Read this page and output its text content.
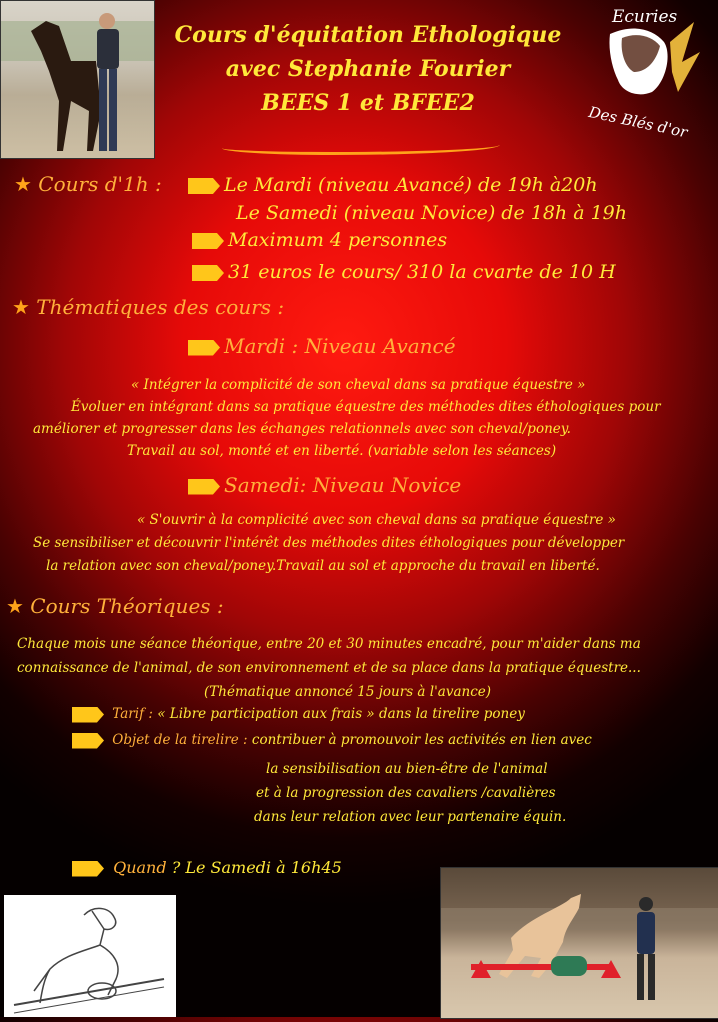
Ecuries
Des Blés d'or
Cours d'équitation Ethologique
avec Stephanie Fourier
BEES 1 et BFEE2
★ Cours d'1h :	Le Mardi (niveau Avancé) de 19h à20h
Le Samedi (niveau Novice) de 18h à 19h
Maximum 4 personnes
31 euros le cours/ 310 la cvarte de 10 H
★ Thématiques des cours :
Mardi : Niveau Avancé
« Intégrer la complicité de son cheval dans sa pratique équestre »
Évoluer en intégrant dans sa pratique équestre des méthodes dites éthologiques pour
améliorer et progresser dans les échanges relationnels avec son cheval/poney.
Travail au sol, monté et en liberté. (variable selon les séances)
Samedi: Niveau Novice
« S'ouvrir à la complicité avec son cheval dans sa pratique équestre »
Se sensibiliser et découvrir l'intérêt des méthodes dites éthologiques pour développer
la relation avec son cheval/poney.Travail au sol et approche du travail en liberté.
★ Cours Théoriques :
Chaque mois une séance théorique, entre 20 et 30 minutes encadré, pour m'aider dans ma
connaissance de l'animal, de son environnement et de sa place dans la pratique équestre...
(Thématique annoncé 15 jours à l'avance)
Tarif : « Libre participation aux frais » dans la tirelire poney
Objet de la tirelire : contribuer à promouvoir les activités en lien avec
la sensibilisation au bien-être de l'animal
et à la progression des cavaliers /cavalières
dans leur relation avec leur partenaire équin.
Quand ? Le Samedi à 16h45
